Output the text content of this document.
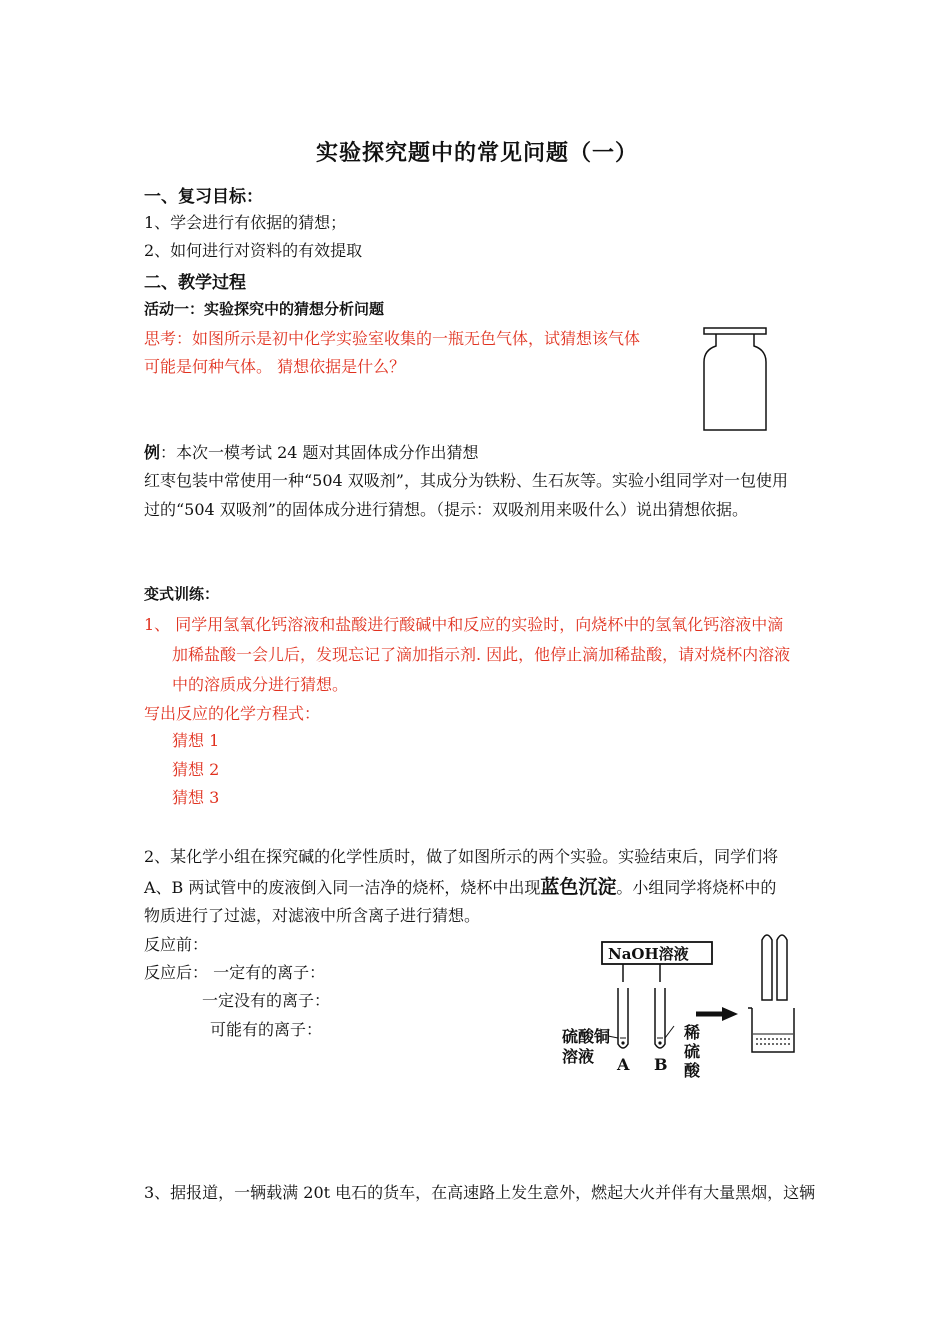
实验探究题中的常见问题（一）
一、复习目标：
1、学会进行有依据的猜想；
2、如何进行对资料的有效提取
二、教学过程
活动一：实验探究中的猜想分析问题
思考：如图所示是初中化学实验室收集的一瓶无色气体，试猜想该气体
可能是何种气体。 猜想依据是什么？
例：本次一模考试 24 题对其固体成分作出猜想
红枣包装中常使用一种“504 双吸剂”，其成分为铁粉、生石灰等。实验小组同学对一包使用
过的“504 双吸剂”的固体成分进行猜想。（提示：双吸剂用来吸什么）说出猜想依据。
变式训练：
1、 同学用氢氧化钙溶液和盐酸进行酸碱中和反应的实验时，向烧杯中的氢氧化钙溶液中滴
加稀盐酸一会儿后，发现忘记了滴加指示剂. 因此，他停止滴加稀盐酸，请对烧杯内溶液
中的溶质成分进行猜想。
写出反应的化学方程式：
猜想 1
猜想 2
猜想 3
2、某化学小组在探究碱的化学性质时，做了如图所示的两个实验。实验结束后，同学们将
A、B 两试管中的废液倒入同一洁净的烧杯，烧杯中出现蓝色沉淀。小组同学将烧杯中的
物质进行了过滤，对滤液中所含离子进行猜想。
反应前：
反应后： 一定有的离子：
一定没有的离子：
可能有的离子：
NaOH溶液
硫酸铜
溶液 A B
稀
硫
酸
3、据报道，一辆载满 20t 电石的货车，在高速路上发生意外，燃起大火并伴有大量黑烟，这辆
